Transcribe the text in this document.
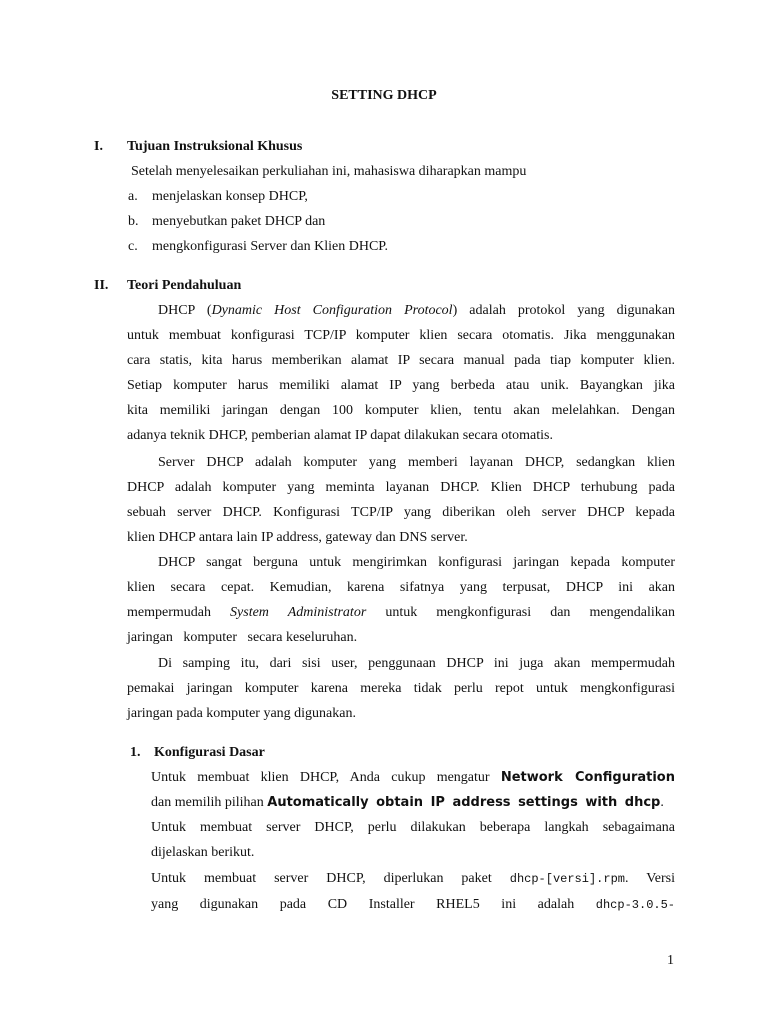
SETTING DHCP
I. Tujuan Instruksional Khusus
Setelah menyelesaikan perkuliahan ini, mahasiswa diharapkan mampu
a. menjelaskan konsep DHCP,
b. menyebutkan paket DHCP dan
c. mengkonfigurasi Server dan Klien DHCP.
II. Teori Pendahuluan
DHCP (Dynamic Host Configuration Protocol) adalah protokol yang digunakan
untuk membuat konfigurasi TCP/IP komputer klien secara otomatis. Jika menggunakan
cara statis, kita harus memberikan alamat IP secara manual pada tiap komputer klien.
Setiap komputer harus memiliki alamat IP yang berbeda atau unik. Bayangkan jika
kita memiliki jaringan dengan 100 komputer klien, tentu akan melelahkan. Dengan
adanya teknik DHCP, pemberian alamat IP dapat dilakukan secara otomatis.
Server DHCP adalah komputer yang memberi layanan DHCP, sedangkan klien
DHCP adalah komputer yang meminta layanan DHCP. Klien DHCP terhubung pada
sebuah server DHCP. Konfigurasi TCP/IP yang diberikan oleh server DHCP kepada
klien DHCP antara lain IP address, gateway dan DNS server.
DHCP sangat berguna untuk mengirimkan konfigurasi jaringan kepada komputer
klien secara cepat. Kemudian, karena sifatnya yang terpusat, DHCP ini akan
mempermudah System Administrator untuk mengkonfigurasi dan mengendalikan
jaringan   komputer   secara keseluruhan.
Di samping itu, dari sisi user, penggunaan DHCP ini juga akan mempermudah
pemakai jaringan komputer karena mereka tidak perlu repot untuk mengkonfigurasi
jaringan pada komputer yang digunakan.
1. Konfigurasi Dasar
Untuk membuat klien DHCP, Anda cukup mengatur Network Configuration
dan memilih pilihan Automatically obtain IP address settings with dhcp.
Untuk membuat server DHCP, perlu dilakukan beberapa langkah sebagaimana
dijelaskan berikut.
Untuk membuat server DHCP, diperlukan paket dhcp-[versi].rpm. Versi
yang digunakan pada CD Installer RHEL5 ini adalah dhcp-3.0.5-
1
